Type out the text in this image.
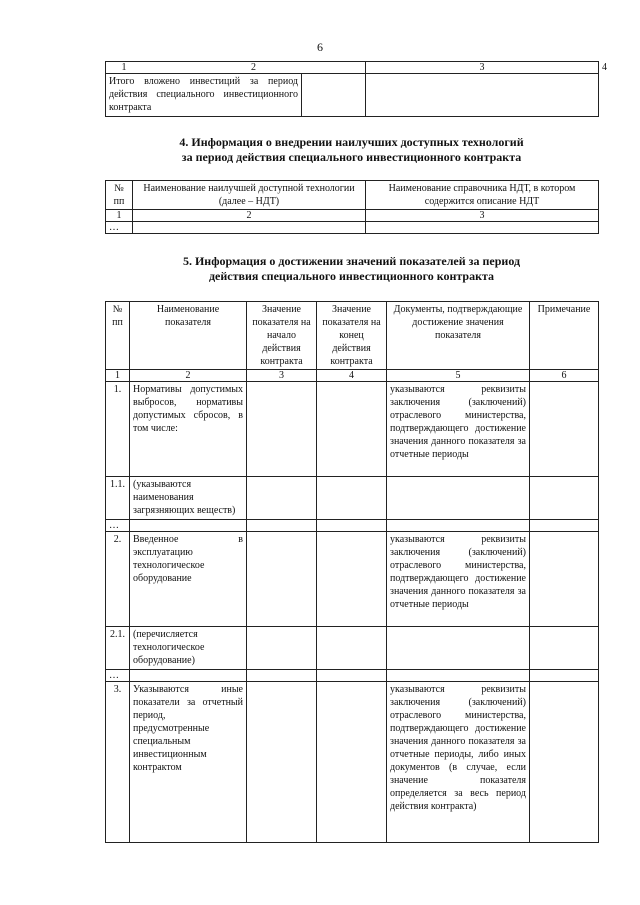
6
1 2		3	4
Итого вложено инвестиций за период действия специального инвестиционного контракта			
4. Информация о внедрении наилучших доступных технологий
за период действия специального инвестиционного контракта
№ пп	Наименование наилучшей доступной технологии (далее – НДТ)	Наименование справочника НДТ, в котором содержится описание НДТ
1	2	3
…		
5. Информация о достижении значений показателей за период
действия специального инвестиционного контракта
№ пп	Наименование показателя	Значение показателя на начало действия контракта	Значение показателя на конец действия контракта	Документы, подтверждающие достижение значения показателя	Примечание
1	2	3	4	5	6
1.	Нормативы допустимых выбросов, нормативы допустимых сбросов, в том числе:			указываются реквизиты заключения (заключений) отраслевого министерства, подтверждающего достижение значения данного показателя за отчетные периоды	
1.1.	(указываются наименования загрязняющих веществ)				
…					
2.	Введенное в эксплуатацию технологическое оборудование			указываются реквизиты заключения (заключений) отраслевого министерства, подтверждающего достижение значения данного показателя за отчетные периоды	
2.1.	(перечисляется технологическое оборудование)				
…					
3.	Указываются иные показатели за отчетный период, предусмотренные специальным инвестиционным контрактом			указываются реквизиты заключения (заключений) отраслевого министерства, подтверждающего достижение значения данного показателя за отчетные периоды, либо иных документов (в случае, если значение показателя определяется за весь период действия контракта)	
